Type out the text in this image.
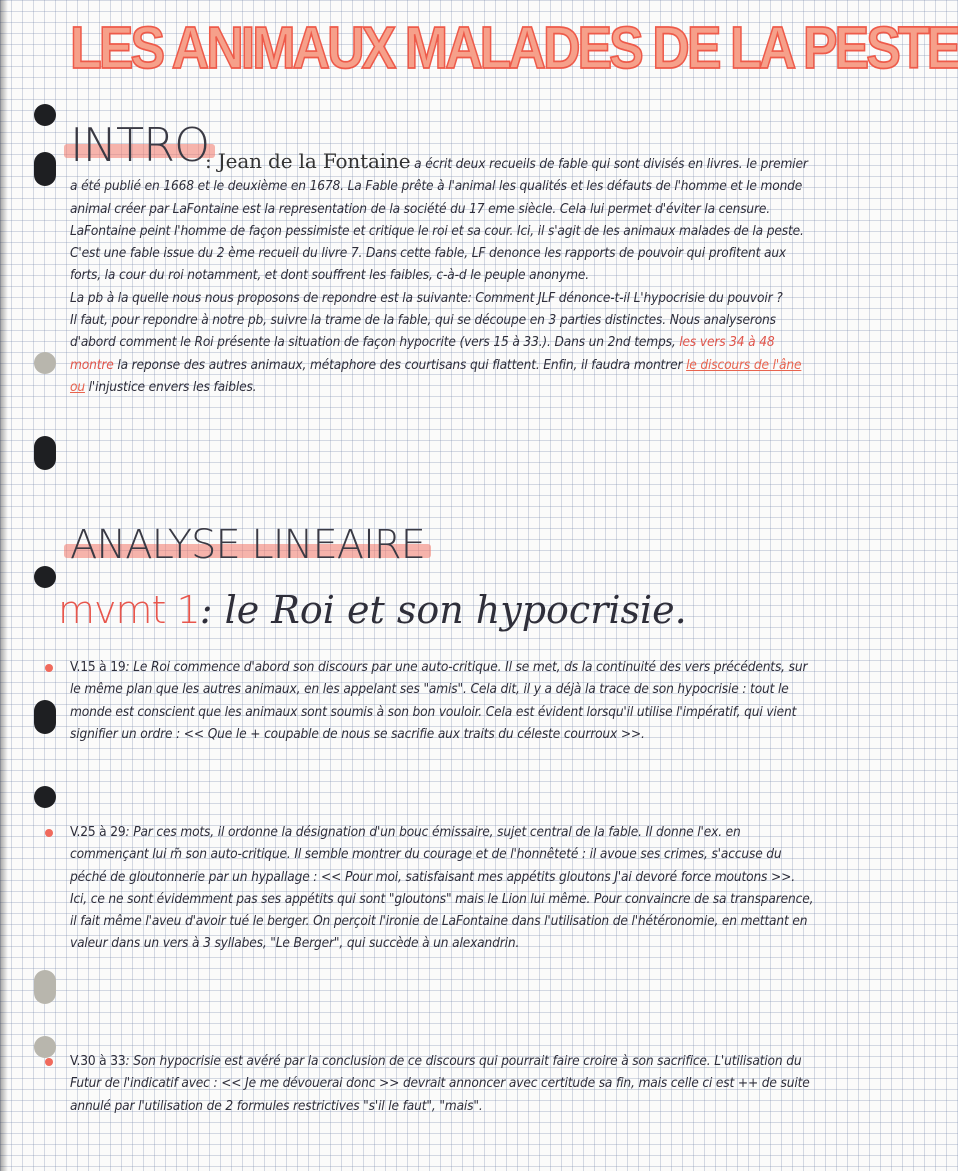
LES ANIMAUX MALADES DE LA PESTE
INTRO

: Jean de la Fontaine a écrit deux recueils de fable qui sont divisés en livres. le premier a été publié en 1668 et le deuxième en 1678. La Fable prête à l'animal les qualités et les défauts de l'homme et le monde animal créer par LaFontaine est la representation de la société du 17 eme siècle. Cela lui permet d'éviter la censure. LaFontaine peint l'homme de façon pessimiste et critique le roi et sa cour. Ici, il s'agit de les animaux malades de la peste.
C'est une fable issue du 2 ème recueil du livre 7. Dans cette fable, LF denonce les rapports de pouvoir qui profitent aux forts, la cour du roi notamment, et dont souffrent les faibles, c-à-d le peuple anonyme.
La pb à la quelle nous nous proposons de repondre est la suivante: Comment JLF dénonce-t-il L'hypocrisie du pouvoir ?
Il faut, pour repondre à notre pb, suivre la trame de la fable, qui se découpe en 3 parties distinctes. Nous analyserons d'abord comment le Roi présente la situation de façon hypocrite (vers 15 à 33.). Dans un 2nd temps, les vers 34 à 48 montre la reponse des autres animaux, métaphore des courtisans qui flattent. Enfin, il faudra montrer le discours de l'âne ou l'injustice envers les faibles.

ANALYSE LINEAIRE
mvmt 1: le Roi et son hypocrisie.

V.15 à 19: Le Roi commence d'abord son discours par une auto-critique. Il se met, ds la continuité des vers précédents, sur le même plan que les autres animaux, en les appelant ses "amis". Cela dit, il y a déjà la trace de son hypocrisie : tout le monde est conscient que les animaux sont soumis à son bon vouloir. Cela est évident lorsqu'il utilise l'impératif, qui vient signifier un ordre : << Que le + coupable de nous se sacrifie aux traits du céleste courroux >>.

V.25 à 29: Par ces mots, il ordonne la désignation d'un bouc émissaire, sujet central de la fable. Il donne l'ex. en commençant lui m̃ son auto-critique. Il semble montrer du courage et de l'honnêteté : il avoue ses crimes, s'accuse du péché de gloutonnerie par un hypallage : << Pour moi, satisfaisant mes appétits gloutons J'ai devoré force moutons >>. Ici, ce ne sont évidemment pas ses appétits qui sont "gloutons" mais le Lion lui même. Pour convaincre de sa transparence, il fait même l'aveu d'avoir tué le berger. On perçoit l'ironie de LaFontaine dans l'utilisation de l'hétéronomie, en mettant en valeur dans un vers à 3 syllabes, "Le Berger", qui succède à un alexandrin.

V.30 à 33: Son hypocrisie est avéré par la conclusion de ce discours qui pourrait faire croire à son sacrifice. L'utilisation du Futur de l'indicatif avec : << Je me dévouerai donc >> devrait annoncer avec certitude sa fin, mais celle ci est ++ de suite annulé par l'utilisation de 2 formules restrictives "s'il le faut", "mais".
